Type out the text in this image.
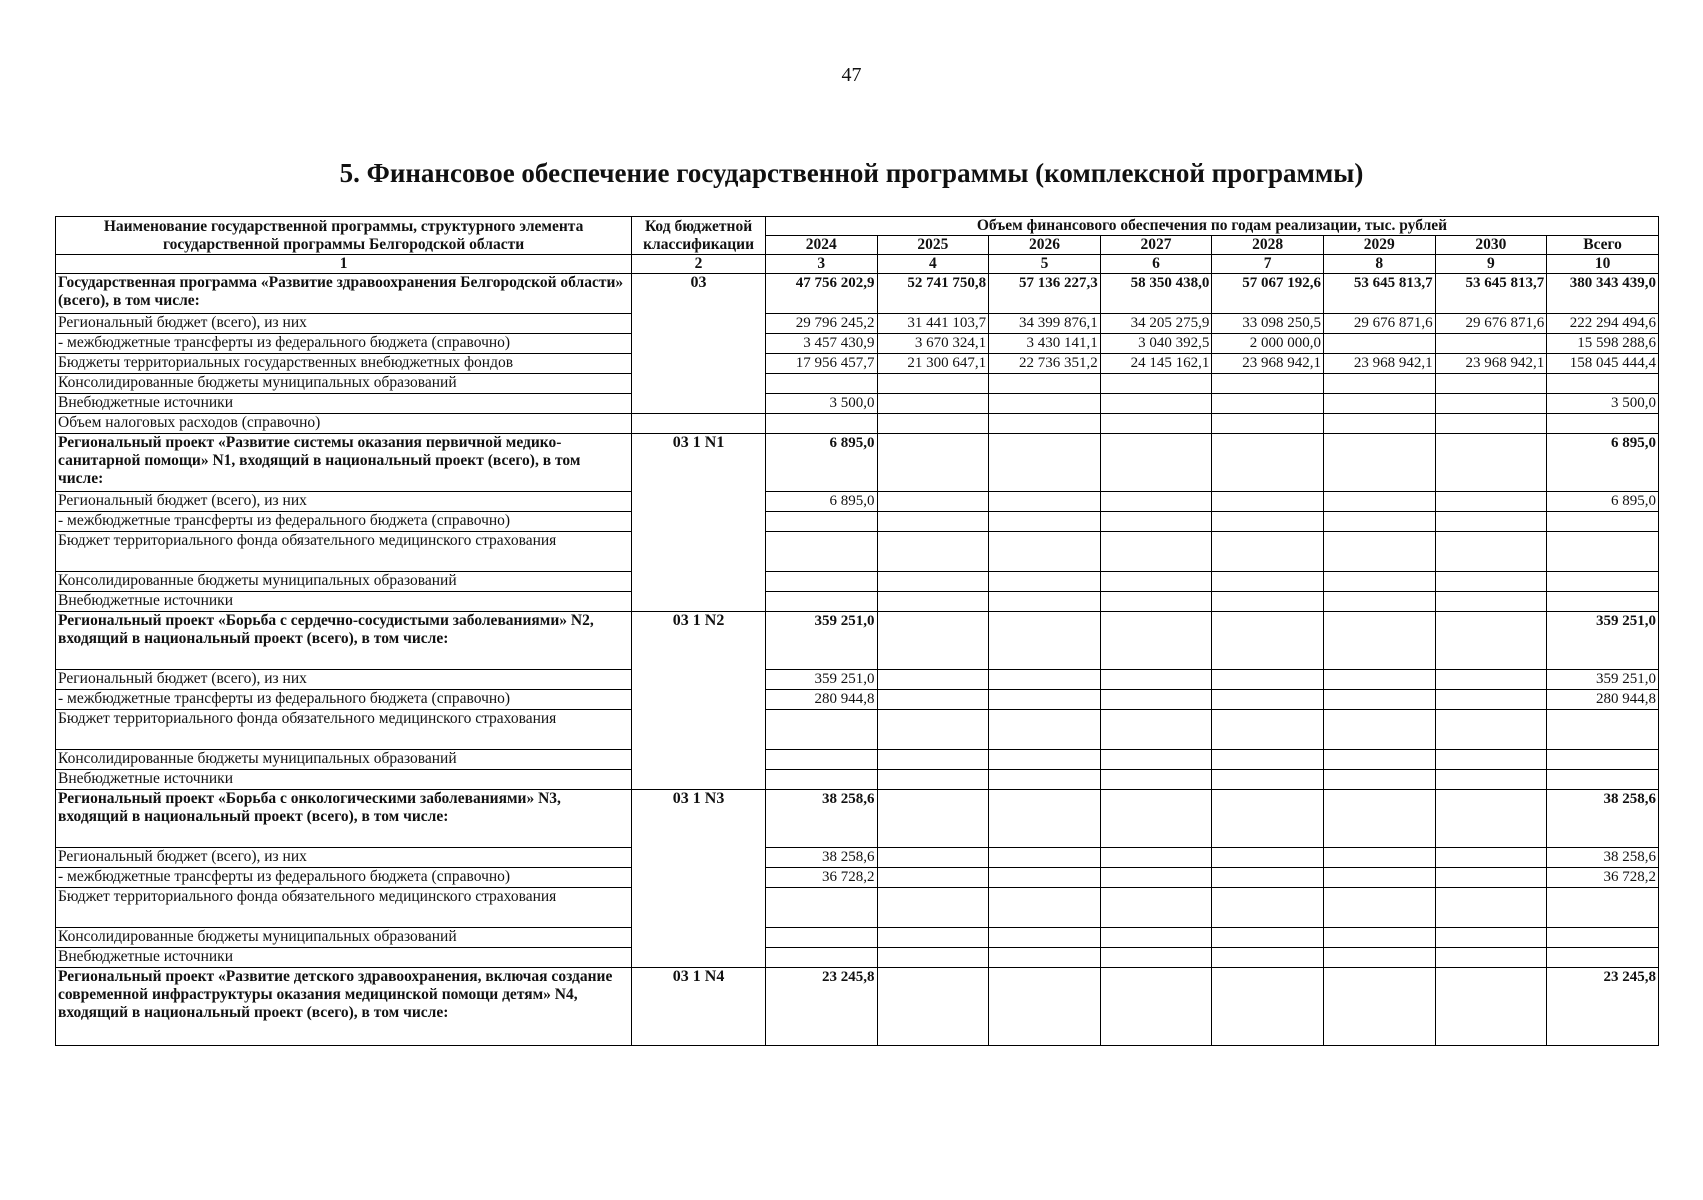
47
5. Финансовое обеспечение государственной программы (комплексной программы)
Наименование государственной программы, структурного элемента государственной программы Белгородской области	Код бюджетной классификации	Объем финансового обеспечения по годам реализации, тыс. рублей							
		2024	2025	2026	2027	2028	2029	2030	Всего
1	2	3	4	5	6	7	8	9	10
Государственная программа «Развитие здравоохранения Белгородской области» (всего), в том числе:	03	47 756 202,9	52 741 750,8	57 136 227,3	58 350 438,0	57 067 192,6	53 645 813,7	53 645 813,7	380 343 439,0
Региональный бюджет (всего), из них		29 796 245,2	31 441 103,7	34 399 876,1	34 205 275,9	33 098 250,5	29 676 871,6	29 676 871,6	222 294 494,6
- межбюджетные трансферты из федерального бюджета (справочно)		3 457 430,9	3 670 324,1	3 430 141,1	3 040 392,5	2 000 000,0			15 598 288,6
Бюджеты территориальных государственных внебюджетных фондов		17 956 457,7	21 300 647,1	22 736 351,2	24 145 162,1	23 968 942,1	23 968 942,1	23 968 942,1	158 045 444,4
Консолидированные бюджеты муниципальных образований									
Внебюджетные источники		3 500,0							3 500,0
Объем налоговых расходов (справочно)									
Региональный проект «Развитие системы оказания первичной медико-санитарной помощи» N1, входящий в национальный проект (всего), в том числе:	03 1 N1	6 895,0							6 895,0
Региональный бюджет (всего), из них		6 895,0							6 895,0
- межбюджетные трансферты из федерального бюджета (справочно)									
Бюджет территориального фонда обязательного медицинского страхования									
Консолидированные бюджеты муниципальных образований									
Внебюджетные источники									
Региональный проект «Борьба с сердечно-сосудистыми заболеваниями» N2, входящий в национальный проект (всего), в том числе:	03 1 N2	359 251,0							359 251,0
Региональный бюджет (всего), из них		359 251,0							359 251,0
- межбюджетные трансферты из федерального бюджета (справочно)		280 944,8							280 944,8
Бюджет территориального фонда обязательного медицинского страхования									
Консолидированные бюджеты муниципальных образований									
Внебюджетные источники									
Региональный проект «Борьба с онкологическими заболеваниями» N3, входящий в национальный проект (всего), в том числе:	03 1 N3	38 258,6							38 258,6
Региональный бюджет (всего), из них		38 258,6							38 258,6
- межбюджетные трансферты из федерального бюджета (справочно)		36 728,2							36 728,2
Бюджет территориального фонда обязательного медицинского страхования									
Консолидированные бюджеты муниципальных образований									
Внебюджетные источники									
Региональный проект «Развитие детского здравоохранения, включая создание современной инфраструктуры оказания медицинской помощи детям» N4, входящий в национальный проект (всего), в том числе:	03 1 N4	23 245,8							23 245,8
